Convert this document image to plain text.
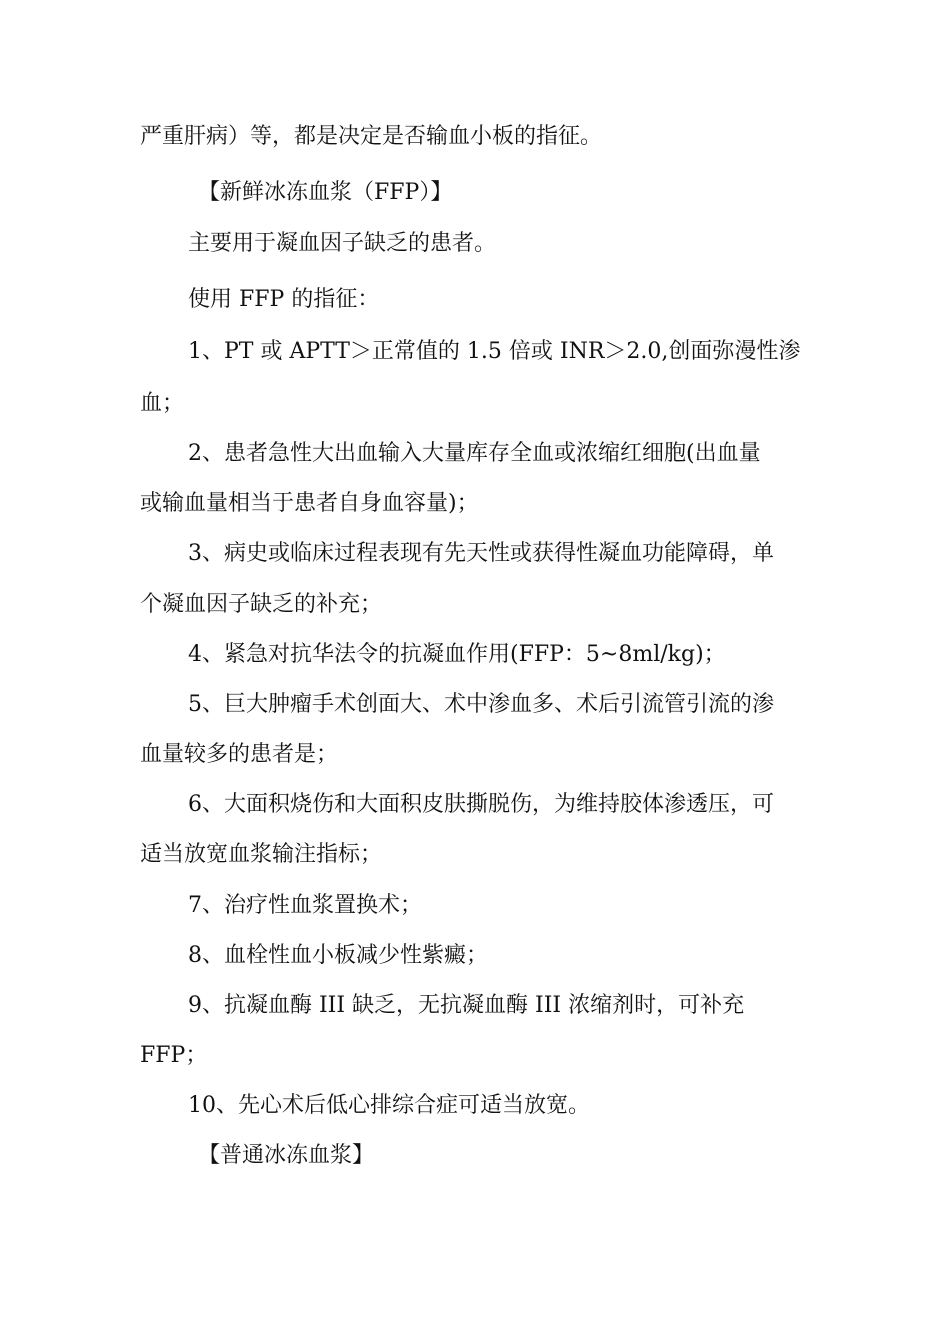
严重肝病）等，都是决定是否输血小板的指征。
【新鲜冰冻血浆（FFP）】
主要用于凝血因子缺乏的患者。
使用 FFP 的指征：
1、PT 或 APTT＞正常值的 1.5 倍或 INR＞2.0,创面弥漫性渗
血；
2、患者急性大出血输入大量库存全血或浓缩红细胞(出血量
或输血量相当于患者自身血容量)；
3、病史或临床过程表现有先天性或获得性凝血功能障碍，单
个凝血因子缺乏的补充；
4、紧急对抗华法令的抗凝血作用(FFP：5~8ml/kg)；
5、巨大肿瘤手术创面大、术中渗血多、术后引流管引流的渗
血量较多的患者是；
6、大面积烧伤和大面积皮肤撕脱伤，为维持胶体渗透压，可
适当放宽血浆输注指标；
7、治疗性血浆置换术；
8、血栓性血小板减少性紫癜；
9、抗凝血酶 III 缺乏，无抗凝血酶 III 浓缩剂时，可补充
FFP；
10、先心术后低心排综合症可适当放宽。
【普通冰冻血浆】
